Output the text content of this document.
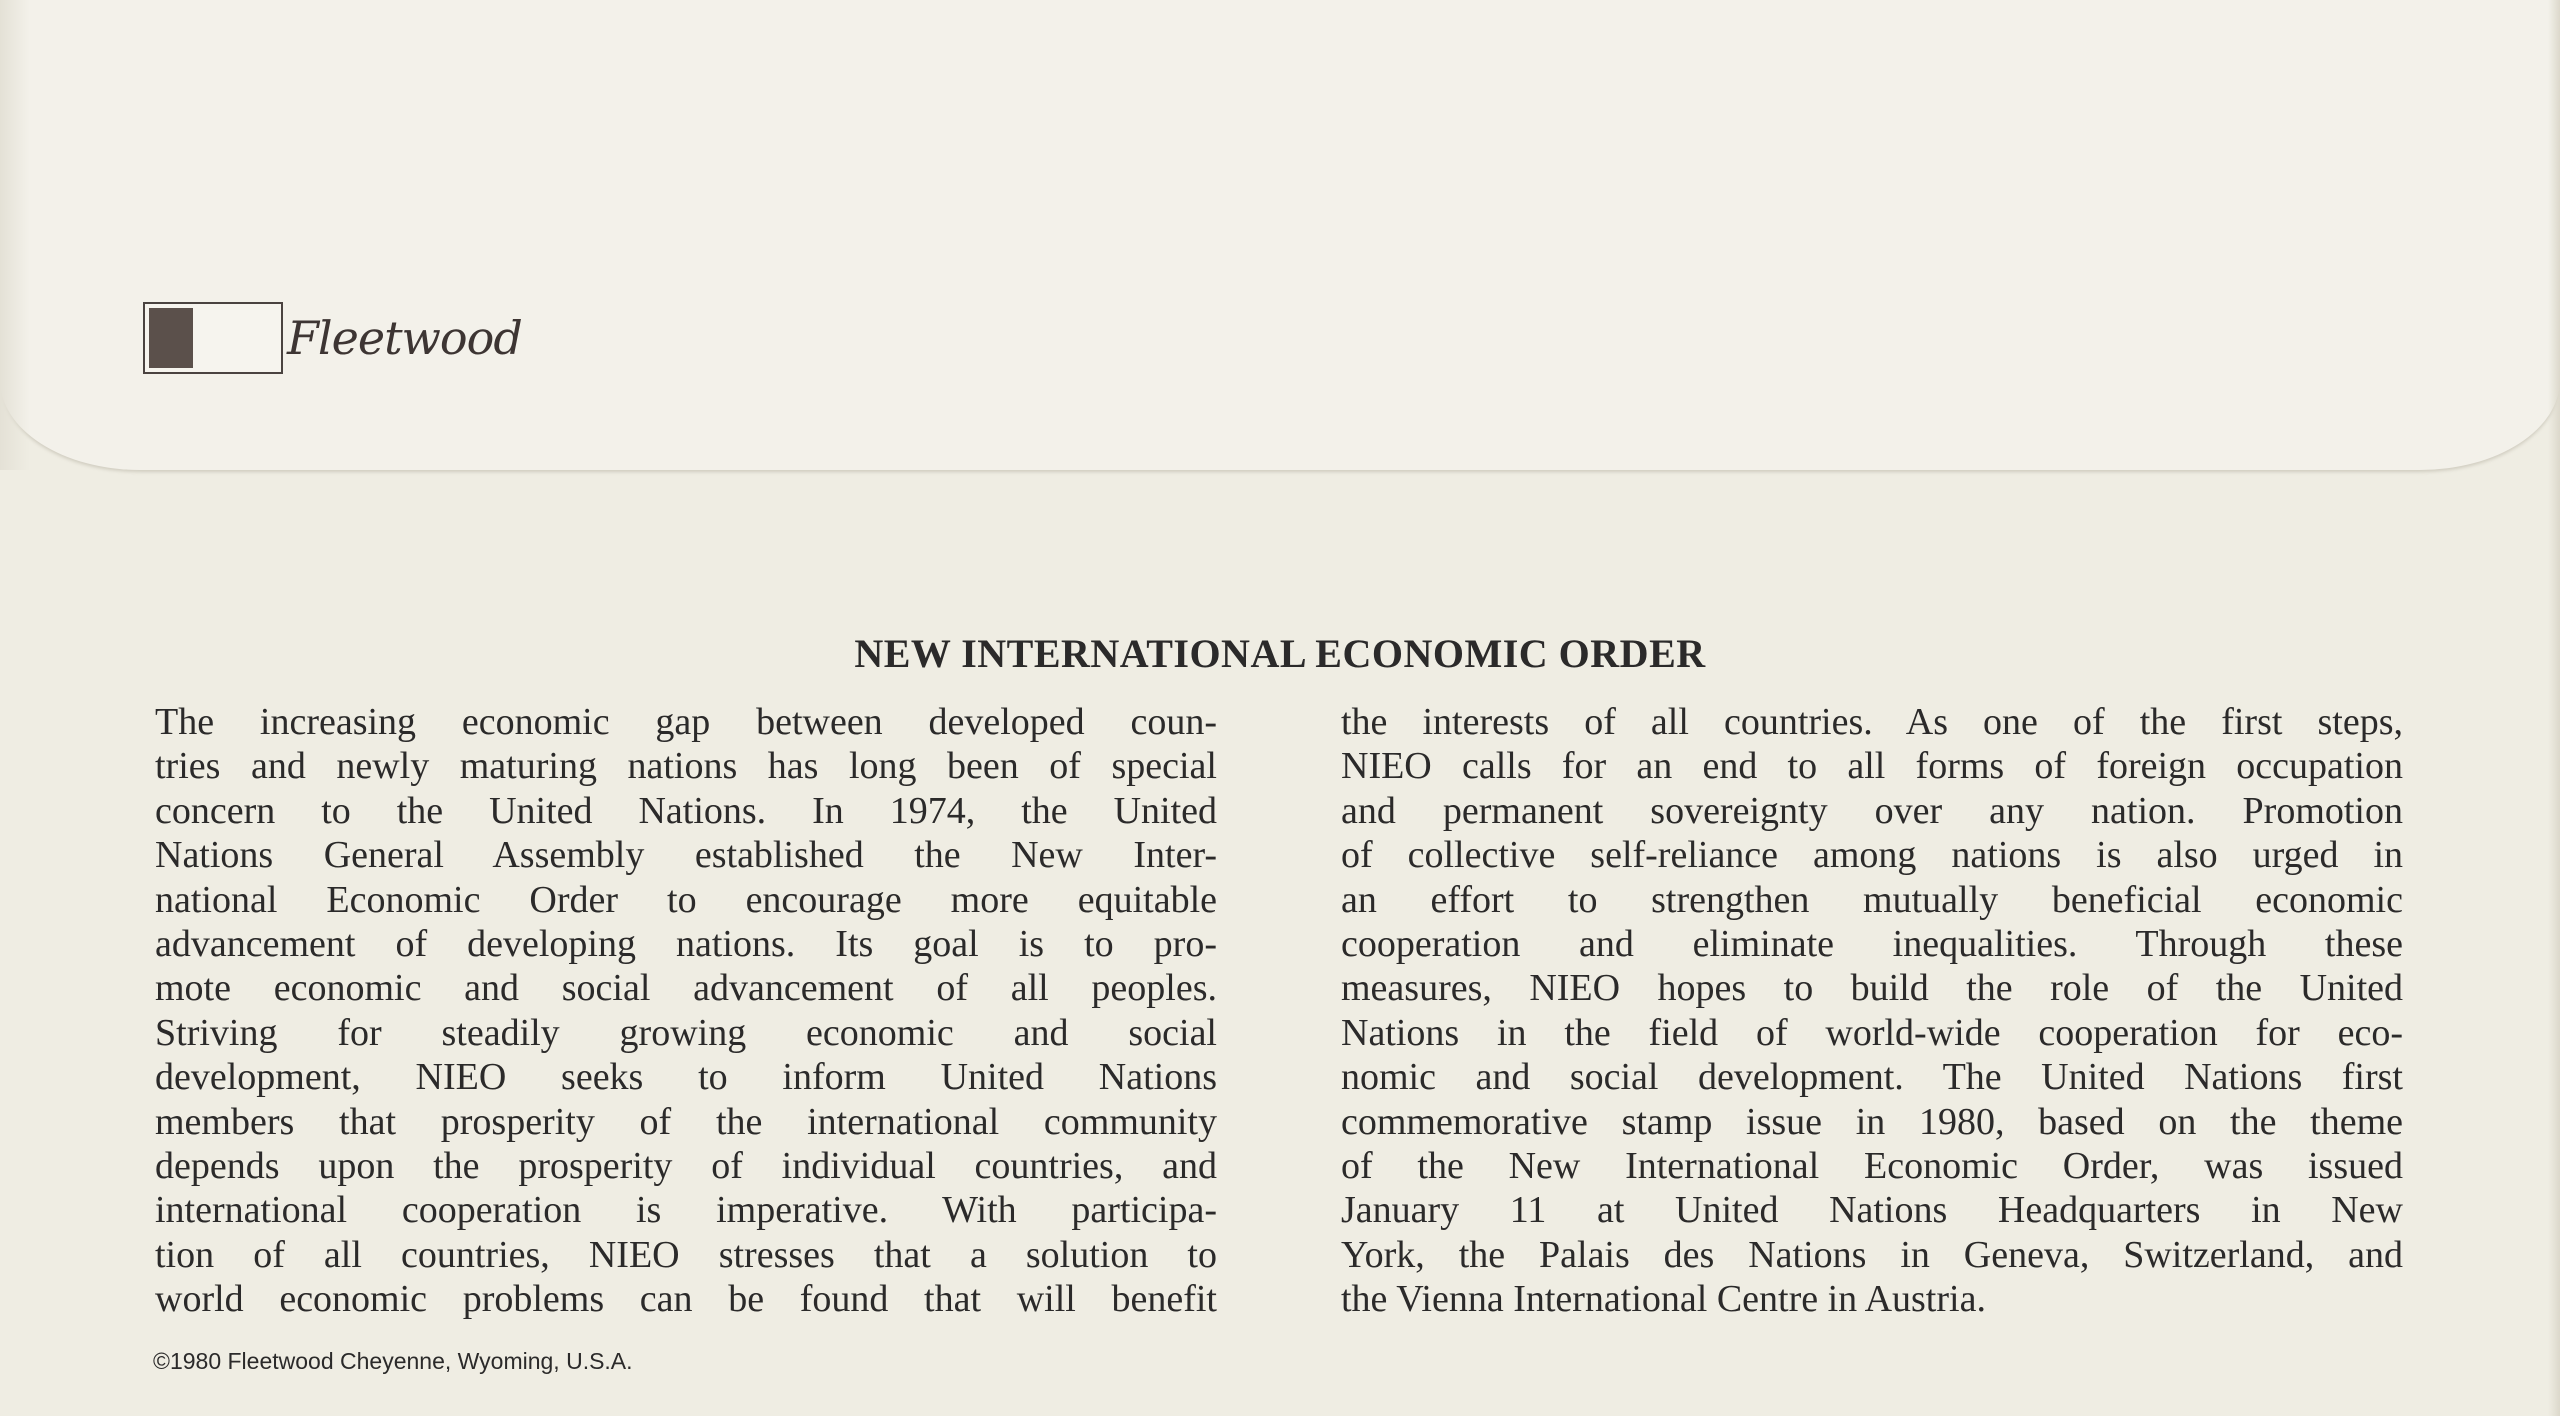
Fleetwood
NEW INTERNATIONAL ECONOMIC ORDER
The increasing economic gap between developed coun-
tries and newly maturing nations has long been of special
concern to the United Nations. In 1974, the United
Nations General Assembly established the New Inter-
national Economic Order to encourage more equitable
advancement of developing nations. Its goal is to pro-
mote economic and social advancement of all peoples.
Striving for steadily growing economic and social
development, NIEO seeks to inform United Nations
members that prosperity of the international community
depends upon the prosperity of individual countries, and
international cooperation is imperative. With participa-
tion of all countries, NIEO stresses that a solution to
world economic problems can be found that will benefit
the interests of all countries. As one of the first steps,
NIEO calls for an end to all forms of foreign occupation
and permanent sovereignty over any nation. Promotion
of collective self-reliance among nations is also urged in
an effort to strengthen mutually beneficial economic
cooperation and eliminate inequalities. Through these
measures, NIEO hopes to build the role of the United
Nations in the field of world-wide cooperation for eco-
nomic and social development. The United Nations first
commemorative stamp issue in 1980, based on the theme
of the New International Economic Order, was issued
January 11 at United Nations Headquarters in New
York, the Palais des Nations in Geneva, Switzerland, and
the Vienna International Centre in Austria.
©1980 Fleetwood Cheyenne, Wyoming, U.S.A.
